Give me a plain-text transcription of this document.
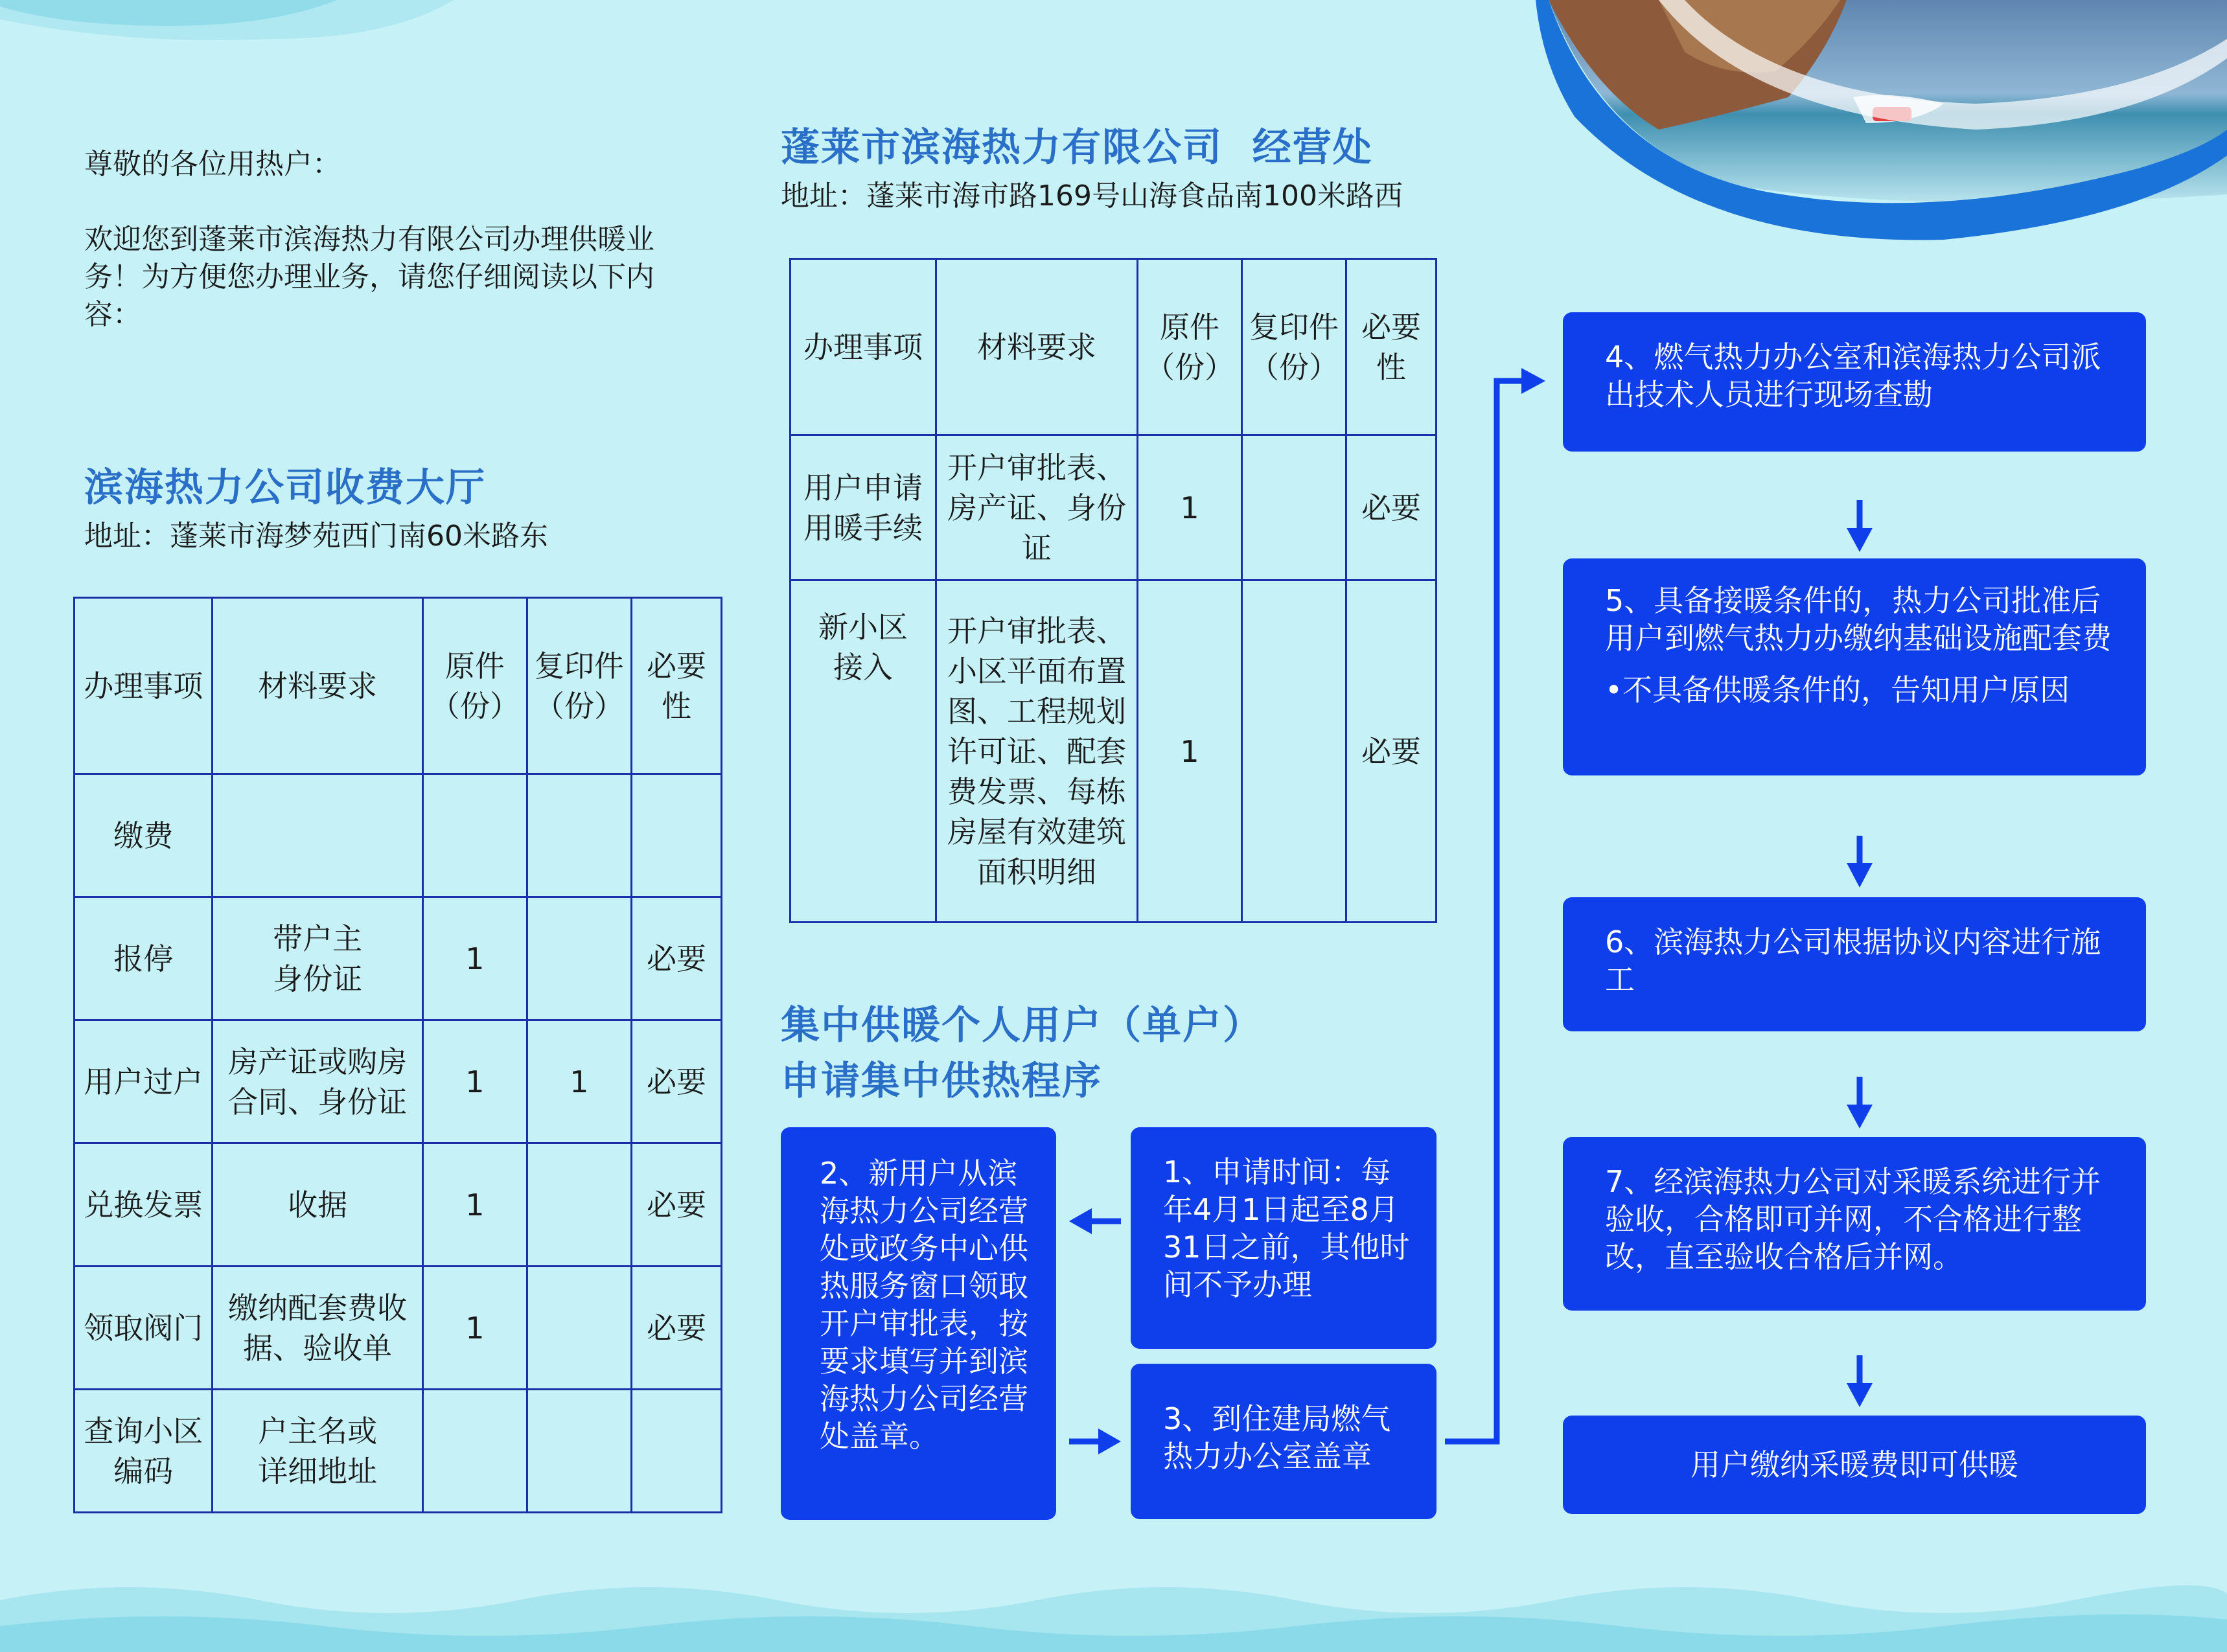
尊敬的各位用热户：

欢迎您到蓬莱市滨海热力有限公司办理供暖业务！为方便您办理业务，请您仔细阅读以下内容：

滨海热力公司收费大厅

地址：蓬莱市海梦苑西门南60米路东

办理事项	材料要求	原件（份）	复印件（份）	必要性
缴费				
报停	带户主身份证	1		必要
用户过户	房产证或购房合同、身份证	1	1	必要
兑换发票	收据	1		必要
领取阀门	缴纳配套费收据、验收单	1		必要
查询小区编码	户主名或详细地址			
蓬莱市滨海热力有限公司  经营处

地址：蓬莱市海市路169号山海食品南100米路西

办理事项	材料要求	原件（份）	复印件（份）	必要性
用户申请用暖手续	开户审批表、房产证、身份证	1		必要
新小区接入	开户审批表、小区平面布置图、工程规划许可证、配套费发票、每栋房屋有效建筑面积明细	1		必要
集中供暖个人用户（单户）
申请集中供热程序
2、新用户从滨海热力公司经营处或政务中心供热服务窗口领取开户审批表，按要求填写并到滨海热力公司经营处盖章。
1、申请时间：每年4月1日起至8月31日之前，其他时间不予办理
3、到住建局燃气热力办公室盖章
4、燃气热力办公室和滨海热力公司派出技术人员进行现场查勘
5、具备接暖条件的，热力公司批准后用户到燃气热力办缴纳基础设施配套费
•不具备供暖条件的，告知用户原因
6、滨海热力公司根据协议内容进行施工
7、经滨海热力公司对采暖系统进行并验收，合格即可并网，不合格进行整改，直至验收合格后并网。
用户缴纳采暖费即可供暖
